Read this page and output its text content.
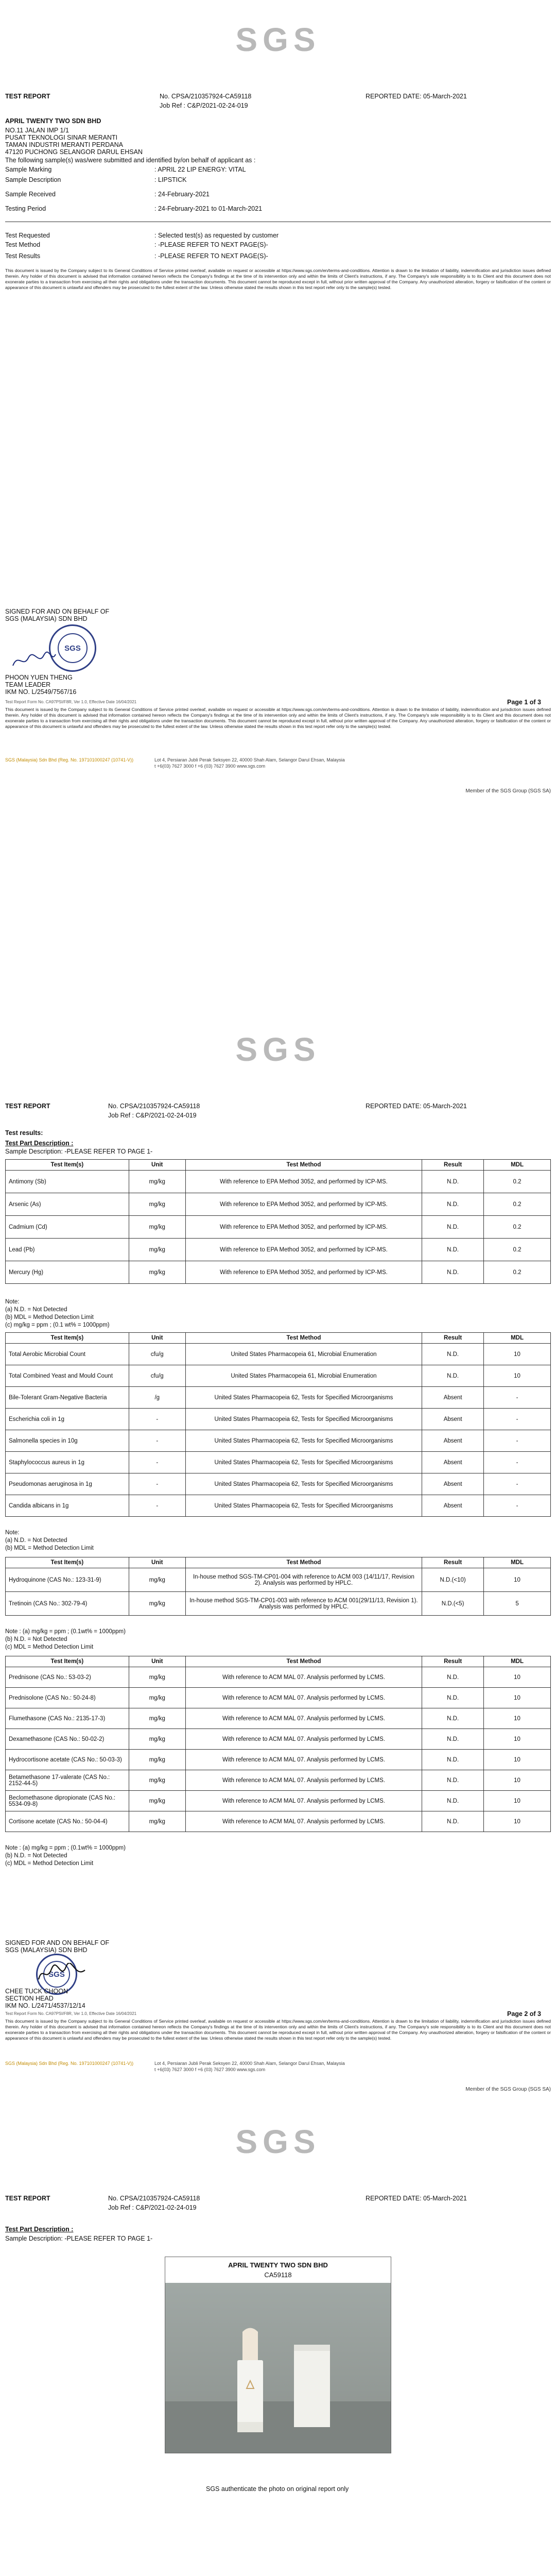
SGS
TEST REPORT	No. CPSA/210357924-CA59118	REPORTED DATE: 05-March-2021
Job Ref : C&P/2021-02-24-019
APRIL TWENTY TWO SDN BHD
NO.11 JALAN IMP 1/1
PUSAT TEKNOLOGI SINAR MERANTI
TAMAN INDUSTRI MERANTI PERDANA
47120 PUCHONG SELANGOR DARUL EHSAN
The following sample(s) was/were submitted and identified by/on behalf of applicant as :
Sample Marking	: APRIL 22 LIP ENERGY: VITAL
Sample Description	: LIPSTICK
Sample Received	: 24-February-2021
Testing Period	: 24-February-2021 to 01-March-2021
Test Requested	: Selected test(s) as requested by customer
Test Method	: -PLEASE REFER TO NEXT PAGE(S)-
Test Results	: -PLEASE REFER TO NEXT PAGE(S)-
This document is issued by the Company subject to its General Conditions of Service printed overleaf, available on request or accessible at https://www.sgs.com/en/terms-and-conditions. Attention is drawn to the limitation of liability, indemnification and jurisdiction issues defined therein. Any holder of this document is advised that information contained hereon reflects the Company's findings at the time of its intervention only and within the limits of Client's instructions, if any. The Company's sole responsibility is to its Client and this document does not exonerate parties to a transaction from exercising all their rights and obligations under the transaction documents. This document cannot be reproduced except in full, without prior written approval of the Company. Any unauthorized alteration, forgery or falsification of the content or appearance of this document is unlawful and offenders may be prosecuted to the fullest extent of the law. Unless otherwise stated the results shown in this test report refer only to the sample(s) tested.
SIGNED FOR AND ON BEHALF OF
SGS (MALAYSIA) SDN BHD
SGS
PHOON YUEN THENG
TEAM LEADER
IKM NO. L/2549/7567/16
Test Report Form No. CA97PSI/F8R, Ver 1.0, Effective Date 16/04/2021	Page 1 of 3
This document is issued by the Company subject to its General Conditions of Service printed overleaf, available on request or accessible at https://www.sgs.com/en/terms-and-conditions. Attention is drawn to the limitation of liability, indemnification and jurisdiction issues defined therein. Any holder of this document is advised that information contained hereon reflects the Company's findings at the time of its intervention only and within the limits of Client's instructions, if any. The Company's sole responsibility is to its Client and this document does not exonerate parties to a transaction from exercising all their rights and obligations under the transaction documents. This document cannot be reproduced except in full, without prior written approval of the Company. Any unauthorized alteration, forgery or falsification of the content or appearance of this document is unlawful and offenders may be prosecuted to the fullest extent of the law. Unless otherwise stated the results shown in this test report refer only to the sample(s) tested.
SGS (Malaysia) Sdn Bhd (Reg. No. 197101000247 (10741-V))	Lot 4, Persiaran Jubli Perak Seksyen 22, 40000 Shah Alam, Selangor Darul Ehsan, Malaysia
t +6(03) 7627 3000 f +6 (03) 7627 3900 www.sgs.com
Member of the SGS Group (SGS SA)
SGS
TEST REPORT	No. CPSA/210357924-CA59118	REPORTED DATE: 05-March-2021
Job Ref : C&P/2021-02-24-019
Test results:
Test Part Description :
Sample Description: -PLEASE REFER TO PAGE 1-
Test Item(s)	Unit	Test Method	Result	MDL
Antimony (Sb)	mg/kg	With reference to EPA Method 3052, and performed by ICP-MS.	N.D.	0.2
Arsenic (As)	mg/kg	With reference to EPA Method 3052, and performed by ICP-MS.	N.D.	0.2
Cadmium (Cd)	mg/kg	With reference to EPA Method 3052, and performed by ICP-MS.	N.D.	0.2
Lead (Pb)	mg/kg	With reference to EPA Method 3052, and performed by ICP-MS.	N.D.	0.2
Mercury (Hg)	mg/kg	With reference to EPA Method 3052, and performed by ICP-MS.	N.D.	0.2
Note:
(a) N.D. = Not Detected
(b) MDL = Method Detection Limit
(c) mg/kg = ppm ; (0.1 wt% = 1000ppm)
Test Item(s)	Unit	Test Method	Result	MDL
Total Aerobic Microbial Count	cfu/g	United States Pharmacopeia 61, Microbial Enumeration	N.D.	10
Total Combined Yeast and Mould Count	cfu/g	United States Pharmacopeia 61, Microbial Enumeration	N.D.	10
Bile-Tolerant Gram-Negative Bacteria	/g	United States Pharmacopeia 62, Tests for Specified Microorganisms	Absent	-
Escherichia coli in 1g	-	United States Pharmacopeia 62, Tests for Specified Microorganisms	Absent	-
Salmonella species in 10g	-	United States Pharmacopeia 62, Tests for Specified Microorganisms	Absent	-
Staphylococcus aureus in 1g	-	United States Pharmacopeia 62, Tests for Specified Microorganisms	Absent	-
Pseudomonas aeruginosa in 1g	-	United States Pharmacopeia 62, Tests for Specified Microorganisms	Absent	-
Candida albicans in 1g	-	United States Pharmacopeia 62, Tests for Specified Microorganisms	Absent	-
Note:
(a) N.D. = Not Detected
(b) MDL = Method Detection Limit
Test Item(s)	Unit	Test Method	Result	MDL
Hydroquinone (CAS No.: 123-31-9)	mg/kg	In-house method SGS-TM-CP01-004 with reference to ACM 003 (14/11/17, Revision 2). Analysis was performed by HPLC.	N.D.(<10)	10
Tretinoin (CAS No.: 302-79-4)	mg/kg	In-house method SGS-TM-CP01-003 with reference to ACM 001(29/11/13, Revision 1). Analysis was performed by HPLC.	N.D.(<5)	5
Note : (a) mg/kg = ppm ; (0.1wt% = 1000ppm)
(b) N.D. = Not Detected
(c) MDL = Method Detection Limit
Test Item(s)	Unit	Test Method	Result	MDL
Prednisone (CAS No.: 53-03-2)	mg/kg	With reference to ACM MAL 07. Analysis performed by LCMS.	N.D.	10
Prednisolone (CAS No.: 50-24-8)	mg/kg	With reference to ACM MAL 07. Analysis performed by LCMS.	N.D.	10
Flumethasone (CAS No.: 2135-17-3)	mg/kg	With reference to ACM MAL 07. Analysis performed by LCMS.	N.D.	10
Dexamethasone (CAS No.: 50-02-2)	mg/kg	With reference to ACM MAL 07. Analysis performed by LCMS.	N.D.	10
Hydrocortisone acetate (CAS No.: 50-03-3)	mg/kg	With reference to ACM MAL 07. Analysis performed by LCMS.	N.D.	10
Betamethasone 17-valerate (CAS No.: 2152-44-5)	mg/kg	With reference to ACM MAL 07. Analysis performed by LCMS.	N.D.	10
Beclomethasone dipropionate (CAS No.: 5534-09-8)	mg/kg	With reference to ACM MAL 07. Analysis performed by LCMS.	N.D.	10
Cortisone acetate (CAS No.: 50-04-4)	mg/kg	With reference to ACM MAL 07. Analysis performed by LCMS.	N.D.	10
Note : (a) mg/kg = ppm ; (0.1wt% = 1000ppm)
(b) N.D. = Not Detected
(c) MDL = Method Detection Limit
SIGNED FOR AND ON BEHALF OF
SGS (MALAYSIA) SDN BHD
SGS
CHEE TUCK CHOON
SECTION HEAD
IKM NO. L/2471/4537/12/14
Test Report Form No. CA97PSI/F8R, Ver 1.0, Effective Date 16/04/2021	Page 2 of 3
This document is issued by the Company subject to its General Conditions of Service printed overleaf, available on request or accessible at https://www.sgs.com/en/terms-and-conditions. Attention is drawn to the limitation of liability, indemnification and jurisdiction issues defined therein. Any holder of this document is advised that information contained hereon reflects the Company's findings at the time of its intervention only and within the limits of Client's instructions, if any. The Company's sole responsibility is to its Client and this document does not exonerate parties to a transaction from exercising all their rights and obligations under the transaction documents. This document cannot be reproduced except in full, without prior written approval of the Company. Any unauthorized alteration, forgery or falsification of the content or appearance of this document is unlawful and offenders may be prosecuted to the fullest extent of the law. Unless otherwise stated the results shown in this test report refer only to the sample(s) tested.
SGS (Malaysia) Sdn Bhd (Reg. No. 197101000247 (10741-V))	Lot 4, Persiaran Jubli Perak Seksyen 22, 40000 Shah Alam, Selangor Darul Ehsan, Malaysia
t +6(03) 7627 3000 f +6 (03) 7627 3900 www.sgs.com
Member of the SGS Group (SGS SA)
SGS
TEST REPORT	No. CPSA/210357924-CA59118	REPORTED DATE: 05-March-2021
Job Ref : C&P/2021-02-24-019
Test Part Description :
Sample Description: -PLEASE REFER TO PAGE 1-
APRIL TWENTY TWO SDN BHD
CA59118
SGS authenticate the photo on original report only
